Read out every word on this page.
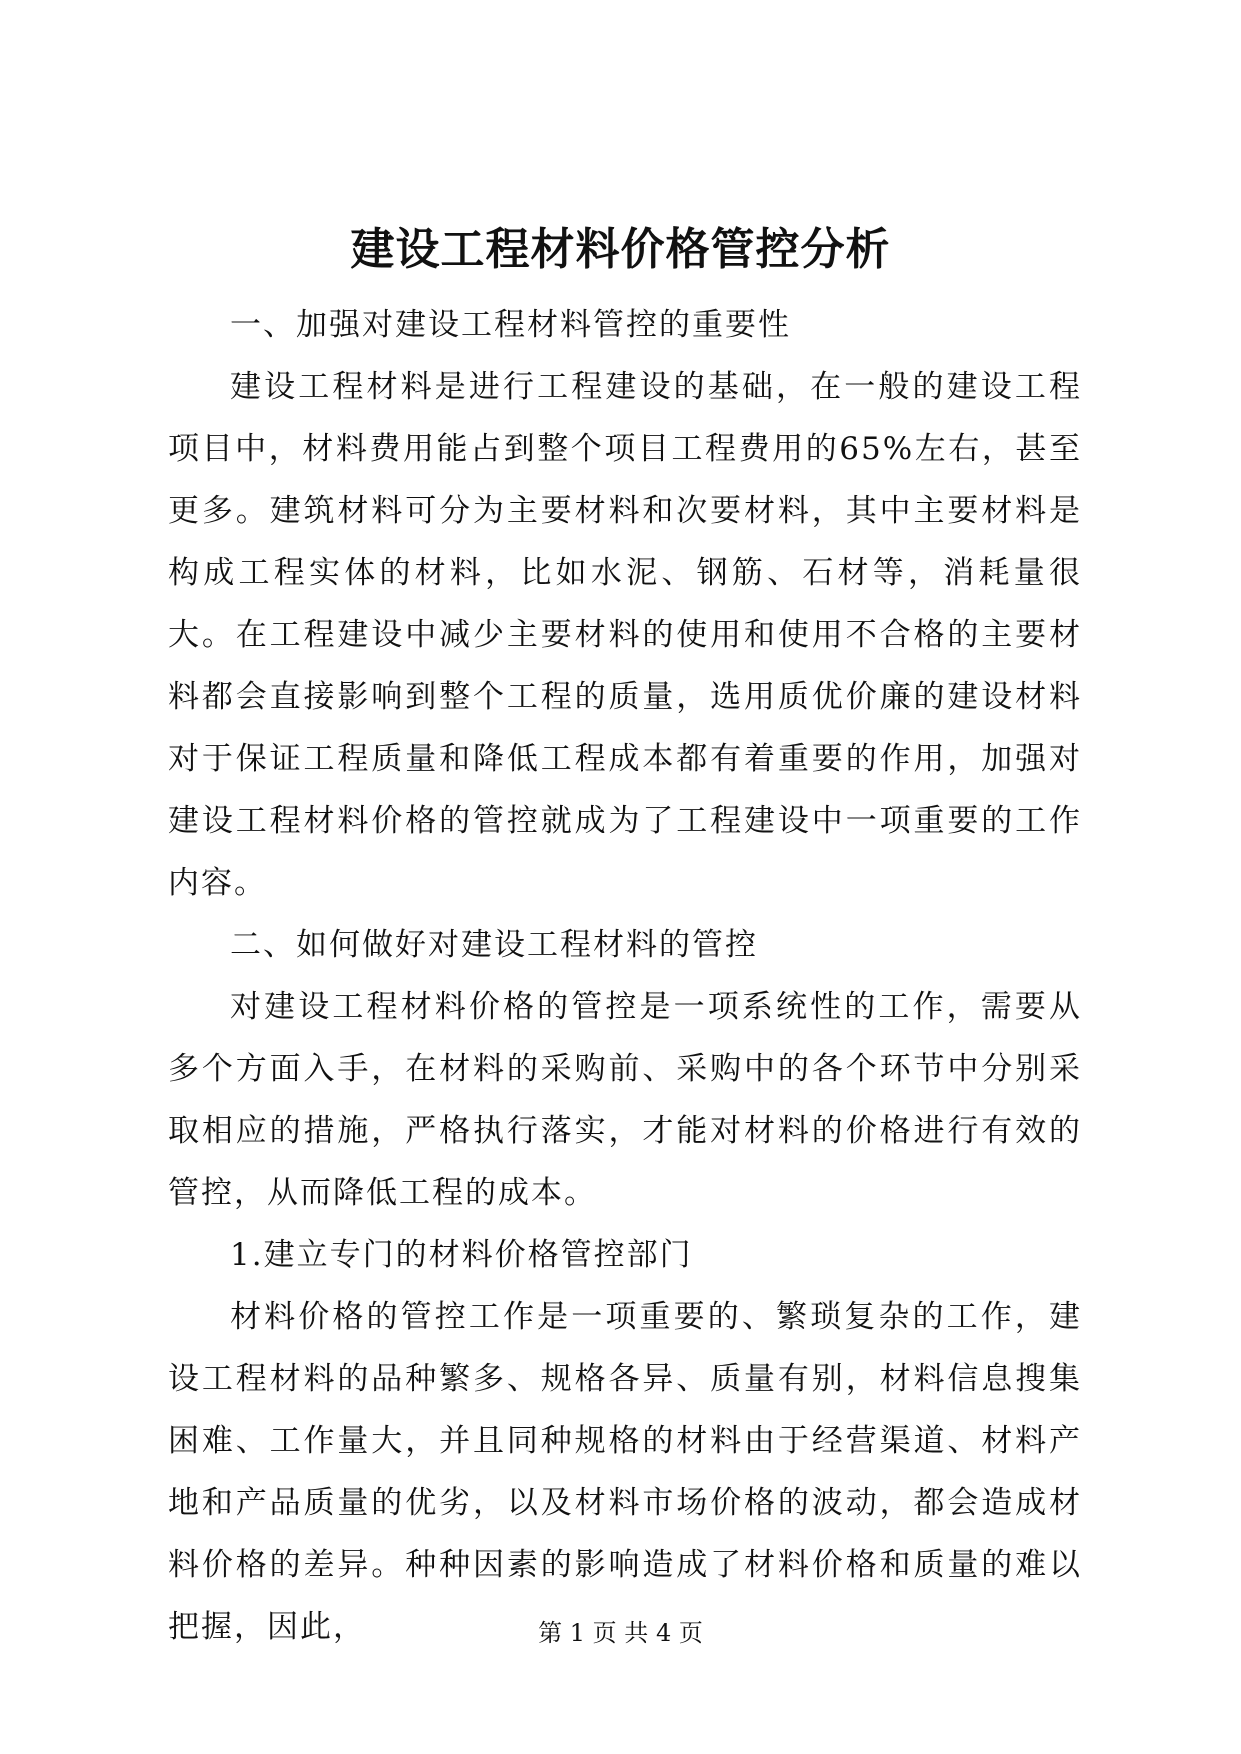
建设工程材料价格管控分析

一、加强对建设工程材料管控的重要性

建设工程材料是进行工程建设的基础，在一般的建设工程项目中，材料费用能占到整个项目工程费用的65%左右，甚至更多。建筑材料可分为主要材料和次要材料，其中主要材料是构成工程实体的材料，比如水泥、钢筋、石材等，消耗量很大。在工程建设中减少主要材料的使用和使用不合格的主要材料都会直接影响到整个工程的质量，选用质优价廉的建设材料对于保证工程质量和降低工程成本都有着重要的作用，加强对建设工程材料价格的管控就成为了工程建设中一项重要的工作内容。

二、如何做好对建设工程材料的管控

对建设工程材料价格的管控是一项系统性的工作，需要从多个方面入手，在材料的采购前、采购中的各个环节中分别采取相应的措施，严格执行落实，才能对材料的价格进行有效的管控，从而降低工程的成本。

1.建立专门的材料价格管控部门

材料价格的管控工作是一项重要的、繁琐复杂的工作，建设工程材料的品种繁多、规格各异、质量有别，材料信息搜集困难、工作量大，并且同种规格的材料由于经营渠道、材料产地和产品质量的优劣，以及材料市场价格的波动，都会造成材料价格的差异。种种因素的影响造成了材料价格和质量的难以把握，因此，	第 1 页 共 4 页
